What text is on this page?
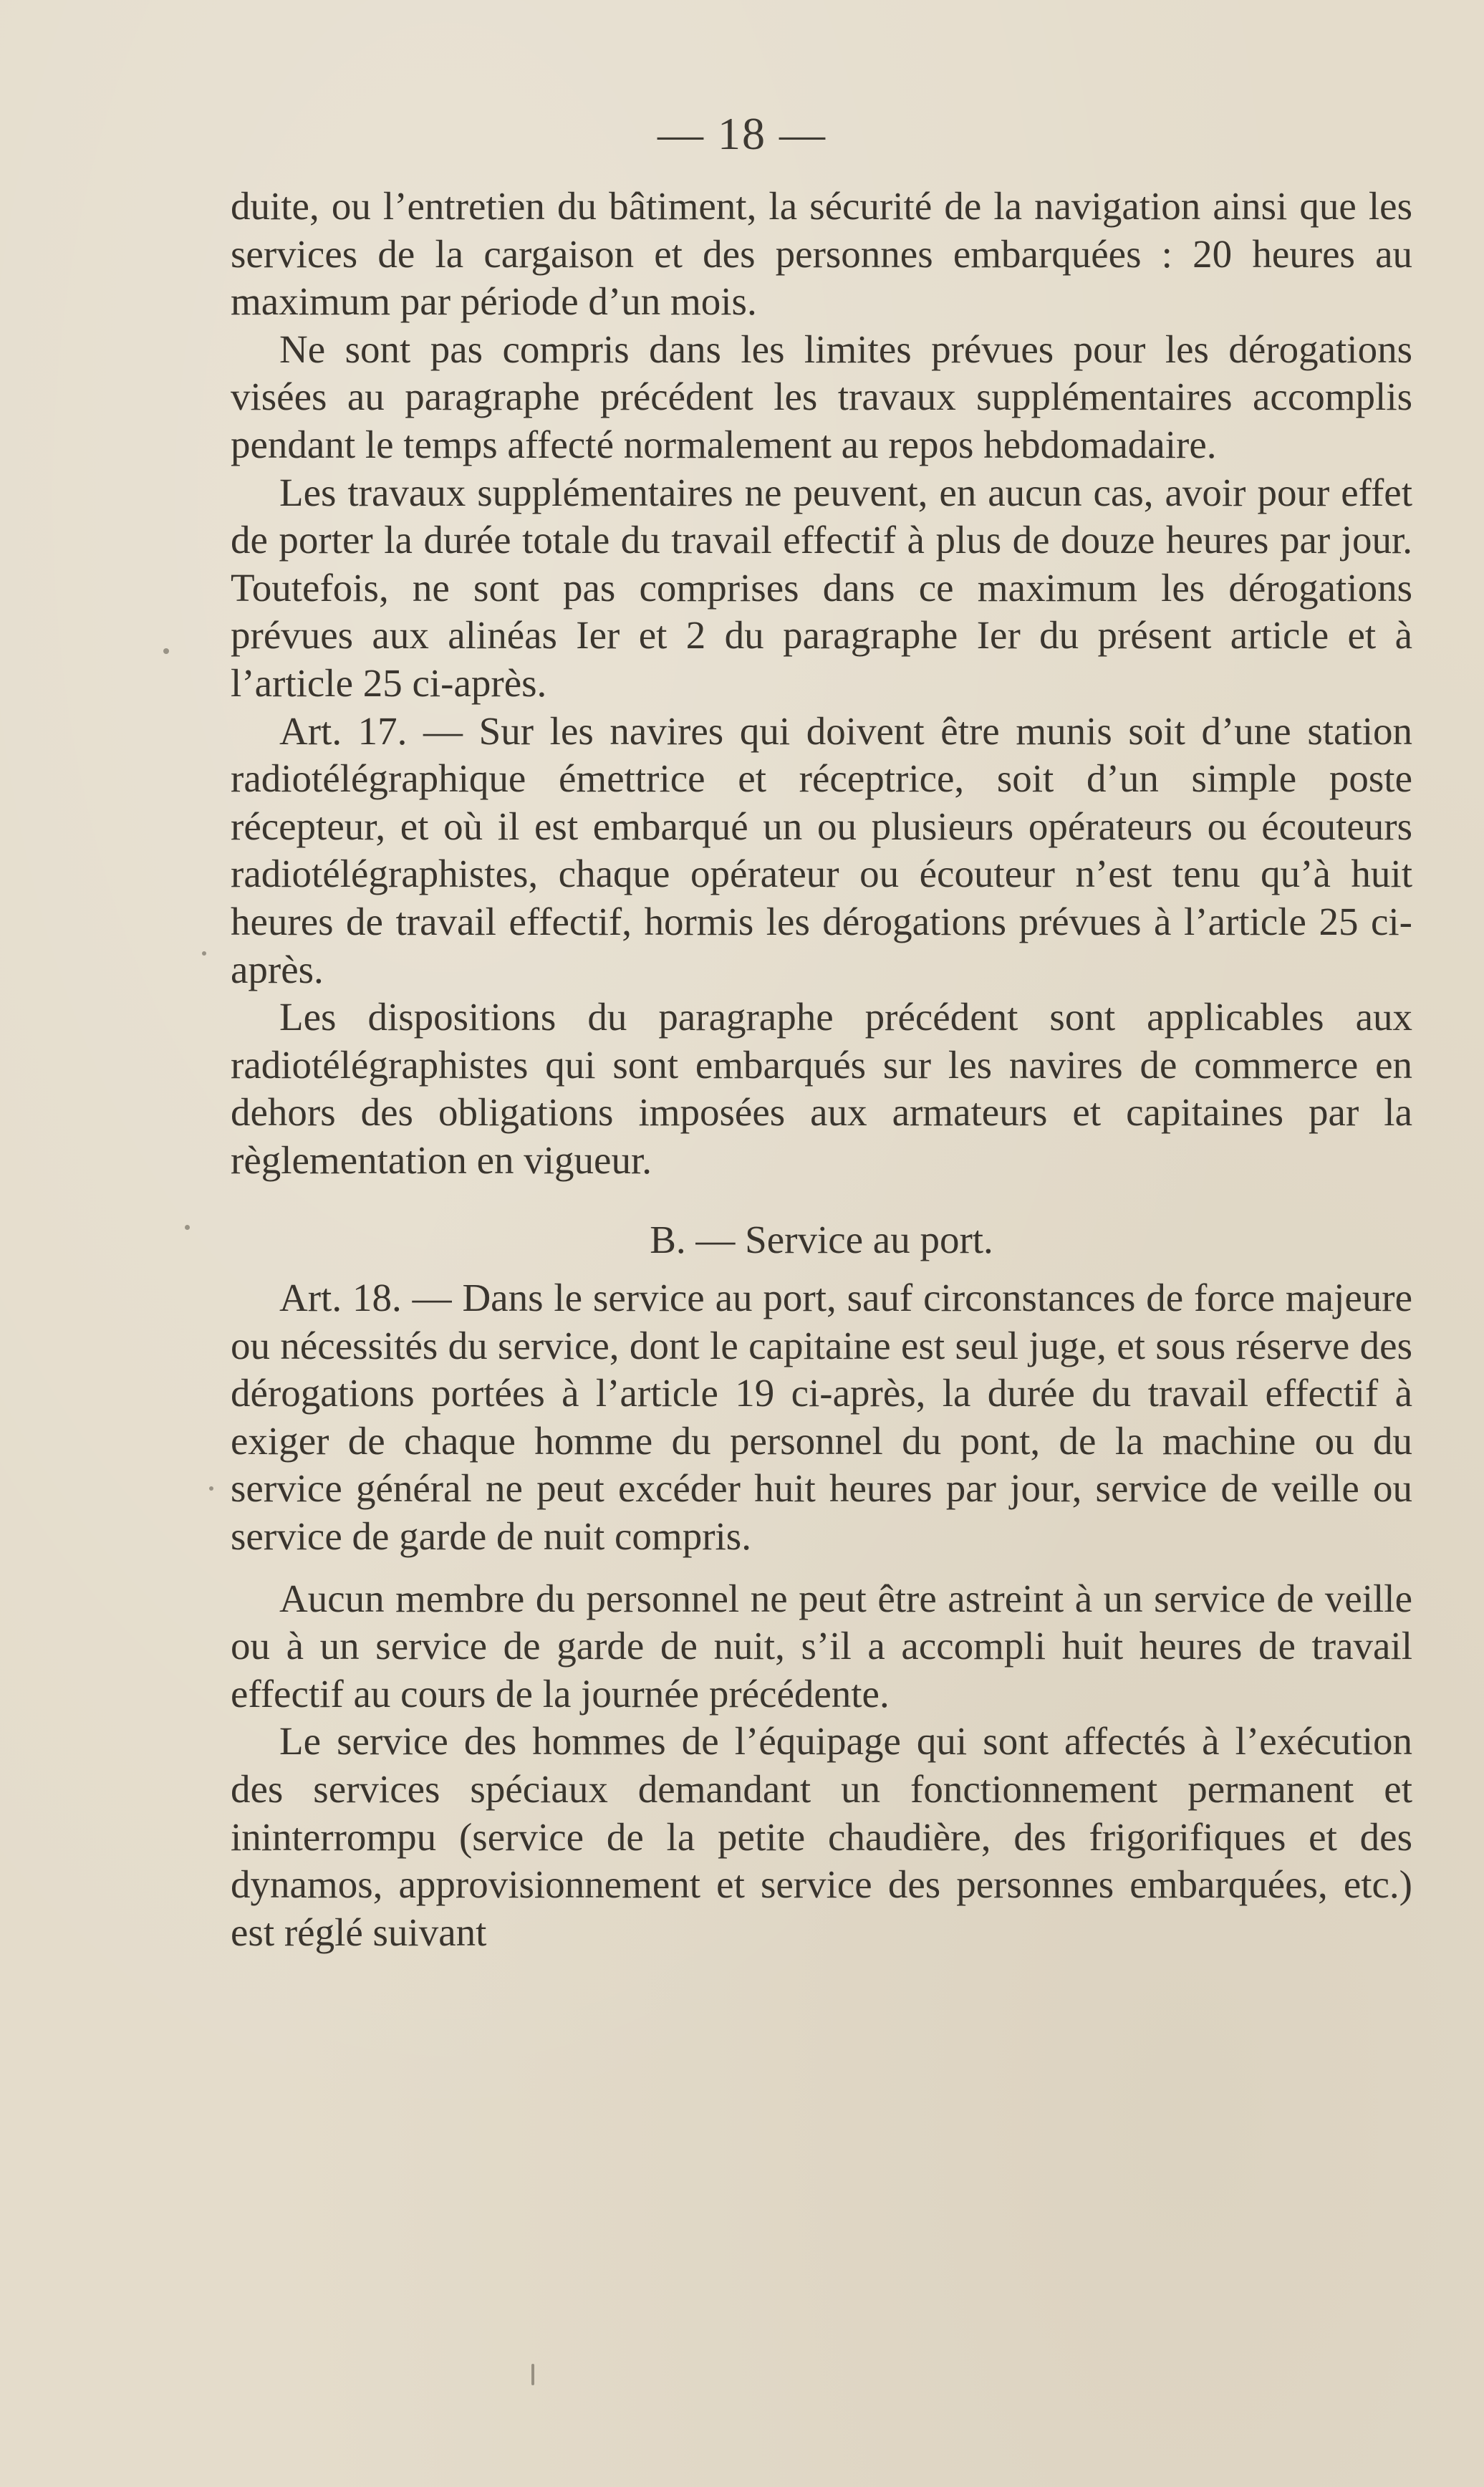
— 18 —

duite, ou l’entretien du bâtiment, la sécurité de la navigation ainsi que les services de la cargaison et des personnes embarquées : 20 heures au maximum par période d’un mois.

Ne sont pas compris dans les limites prévues pour les dérogations visées au paragraphe précédent les travaux supplémentaires accomplis pendant le temps affecté normalement au repos hebdomadaire.

Les travaux supplémentaires ne peuvent, en aucun cas, avoir pour effet de porter la durée totale du travail effectif à plus de douze heures par jour. Toutefois, ne sont pas comprises dans ce maximum les dérogations prévues aux alinéas Ier et 2 du paragraphe Ier du présent article et à l’article 25 ci-après.

Art. 17. — Sur les navires qui doivent être munis soit d’une station radiotélégraphique émettrice et réceptrice, soit d’un simple poste récepteur, et où il est embarqué un ou plusieurs opérateurs ou écouteurs radiotélégraphistes, chaque opérateur ou écouteur n’est tenu qu’à huit heures de travail effectif, hormis les dérogations prévues à l’article 25 ci-après.

Les dispositions du paragraphe précédent sont applicables aux radiotélégraphistes qui sont embarqués sur les navires de commerce en dehors des obligations imposées aux armateurs et capitaines par la règlementation en vigueur.

B. — Service au port.

Art. 18. — Dans le service au port, sauf circonstances de force majeure ou nécessités du service, dont le capitaine est seul juge, et sous réserve des dérogations portées à l’article 19 ci-après, la durée du travail effectif à exiger de chaque homme du personnel du pont, de la machine ou du service général ne peut excéder huit heures par jour, service de veille ou service de garde de nuit compris.

Aucun membre du personnel ne peut être astreint à un service de veille ou à un service de garde de nuit, s’il a accompli huit heures de travail effectif au cours de la journée précédente.

Le service des hommes de l’équipage qui sont affectés à l’exécution des services spéciaux demandant un fonctionnement permanent et ininterrompu (service de la petite chaudière, des frigorifiques et des dynamos, approvisionnement et service des personnes embarquées, etc.) est réglé suivant
